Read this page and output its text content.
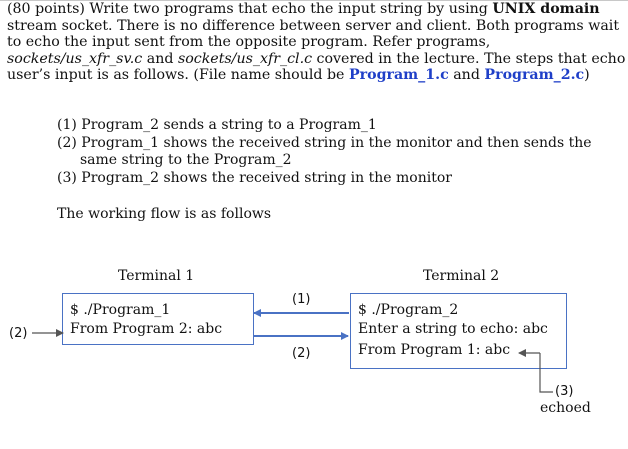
(80 points) Write two programs that echo the input string by using UNIX domain
stream socket. There is no difference between server and client. Both programs wait
to echo the input sent from the opposite program. Refer programs,
sockets/us_xfr_sv.c and sockets/us_xfr_cl.c covered in the lecture. The steps that echo
user’s input is as follows. (File name should be Program_1.c and Program_2.c)
(1) Program_2 sends a string to a Program_1
(2) Program_1 shows the received string in the monitor and then sends the
same string to the Program_2
(3) Program_2 shows the received string in the monitor
The working flow is as follows
Terminal 1	Terminal 2
$ ./Program_1
From Program 2: abc
$ ./Program_2
Enter a string to echo: abc
From Program 1: abc
(1)
(2)
(2)
(3)
echoed
